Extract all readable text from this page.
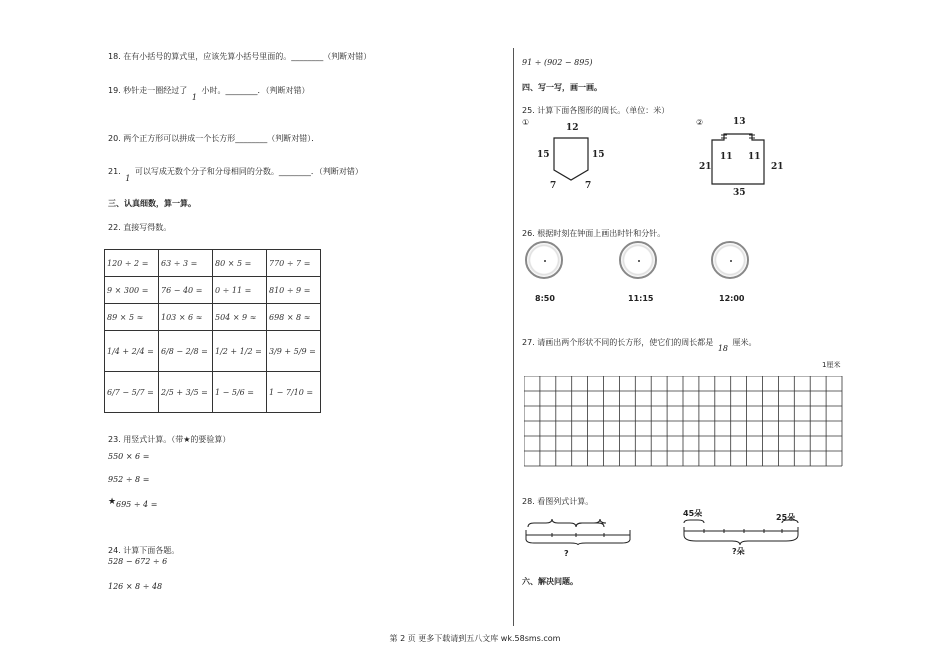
18. 在有小括号的算式里，应该先算小括号里面的。________（判断对错）
19. 秒针走一圈经过了 1 小时。________．（判断对错）
20. 两个正方形可以拼成一个长方形________（判断对错）．
21. 1 可以写成无数个分子和分母相同的分数。________．（判断对错）
三、认真细数，算一算。
22. 直接写得数。
120 ÷ 2 =	63 ÷ 3 =	80 × 5 =	770 ÷ 7 =
9 × 300 =	76 − 40 =	0 ÷ 11 =	810 ÷ 9 =
89 × 5 ≈	103 × 6 ≈	504 × 9 ≈	698 × 8 ≈
1/4 + 2/4 =	6/8 − 2/8 =	1/2 + 1/2 =	3/9 + 5/9 =
6/7 − 5/7 =	2/5 + 3/5 =	1 − 5/6 =	1 − 7/10 =
23. 用竖式计算。（带★的要验算）
550 × 6 =
952 ÷ 8 =
★ 695 ÷ 4 =
24. 计算下面各题。
528 − 672 ÷ 6
126 × 8 ÷ 48
91 ÷ (902 − 895)
四、写一写，画一画。
25. 计算下面各图形的周长。（单位：米）
①	②
12
15	15
7	7
13
11 11
21	21
35
26. 根据时刻在钟面上画出时针和分针。
8:50	11:15	12:00
27. 请画出两个形状不同的长方形，使它们的周长都是 18 厘米。
1厘米
28. 看图列式计算。
?
45朵	25朵
?朵
六、解决问题。
第 2 页 更多下载请到五八文库 wk.58sms.com
